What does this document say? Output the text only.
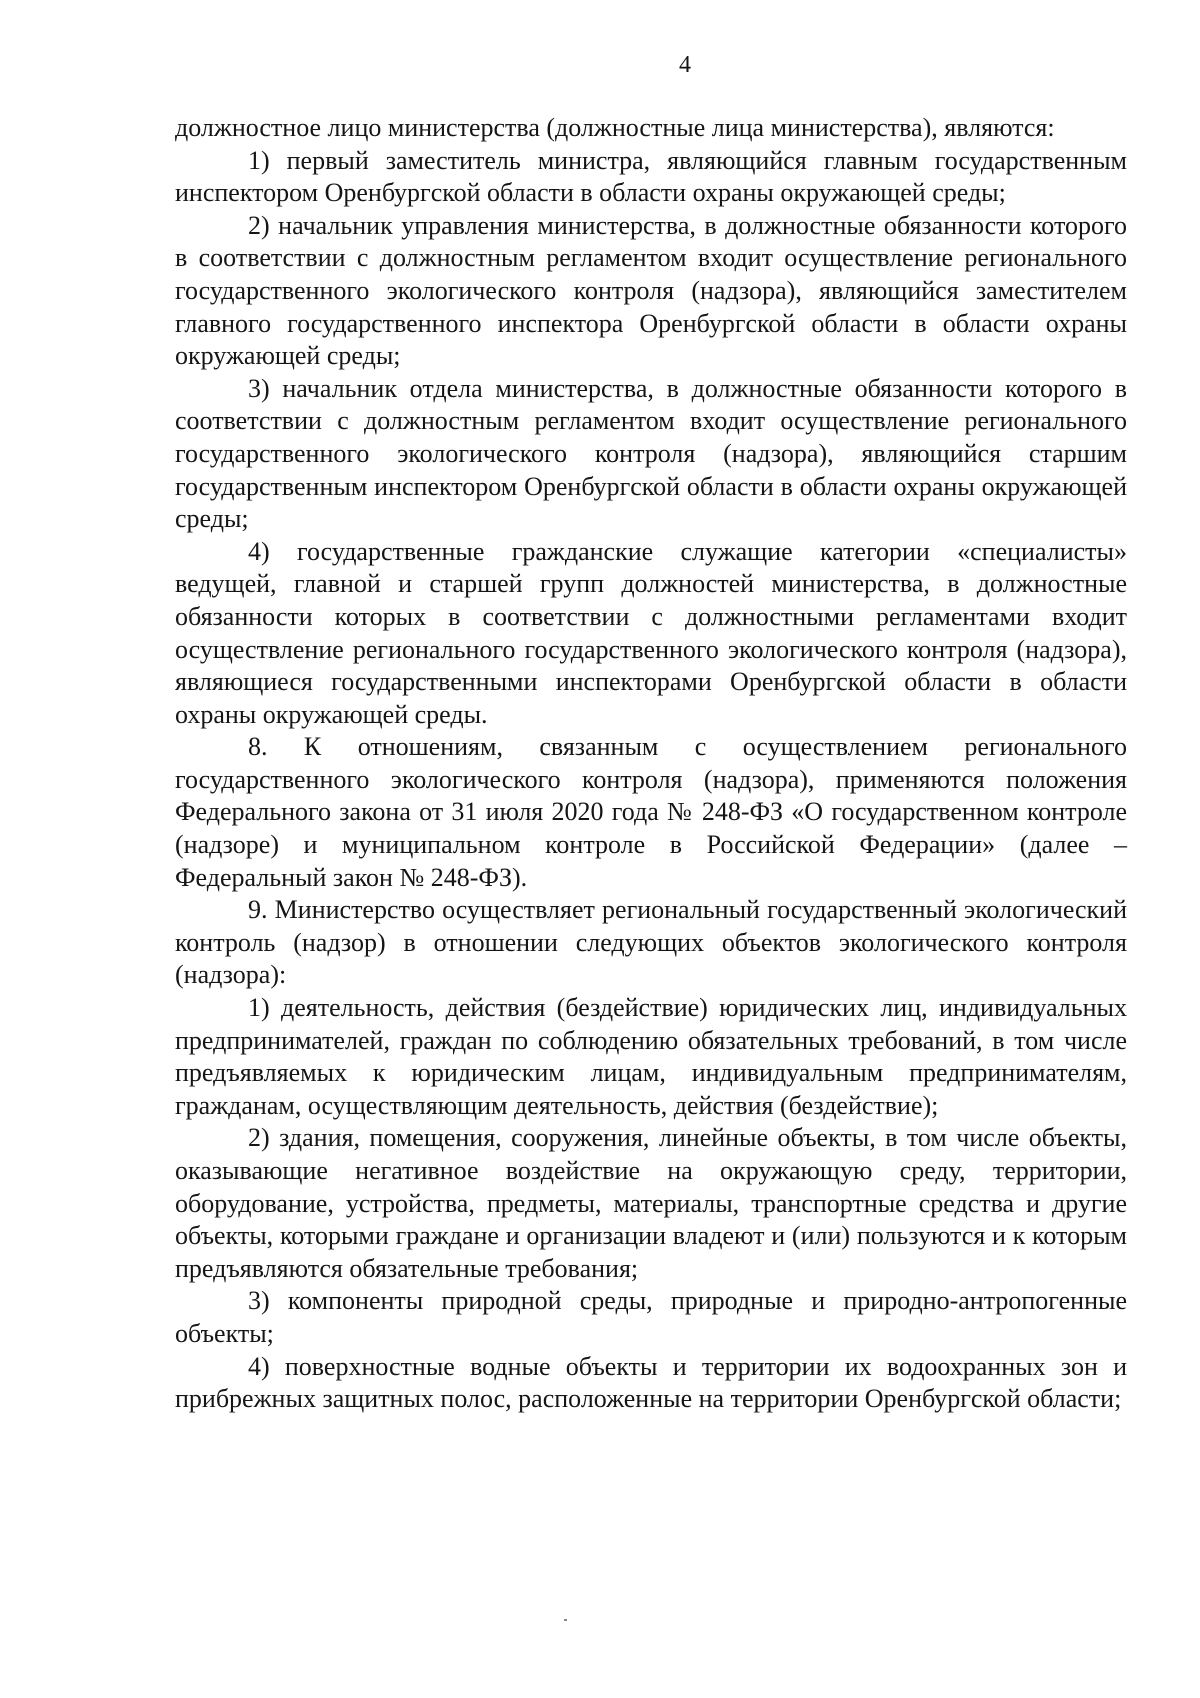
4

должностное лицо министерства (должностные лица министерства), являются:

1) первый заместитель министра, являющийся главным государственным инспектором Оренбургской области в области охраны окружающей среды;

2) начальник управления министерства, в должностные обязанности которого в соответствии с должностным регламентом входит осуществление регионального государственного экологического контроля (надзора), являющийся заместителем главного государственного инспектора Оренбургской области в области охраны окружающей среды;

3) начальник отдела министерства, в должностные обязанности которого в соответствии с должностным регламентом входит осуществление регионального государственного экологического контроля (надзора), являющийся старшим государственным инспектором Оренбургской области в области охраны окружающей среды;

4) государственные гражданские служащие категории «специалисты» ведущей, главной и старшей групп должностей министерства, в должностные обязанности которых в соответствии с должностными регламентами входит осуществление регионального государственного экологического контроля (надзора), являющиеся государственными инспекторами Оренбургской области в области охраны окружающей среды.

8. К отношениям, связанным с осуществлением регионального государственного экологического контроля (надзора), применяются положения Федерального закона от 31 июля 2020 года № 248-ФЗ «О государственном контроле (надзоре) и муниципальном контроле в Российской Федерации» (далее – Федеральный закон № 248-ФЗ).

9. Министерство осуществляет региональный государственный экологический контроль (надзор) в отношении следующих объектов экологического контроля (надзора):

1) деятельность, действия (бездействие) юридических лиц, индивидуальных предпринимателей, граждан по соблюдению обязательных требований, в том числе предъявляемых к юридическим лицам, индивидуальным предпринимателям, гражданам, осуществляющим деятельность, действия (бездействие);

2) здания, помещения, сооружения, линейные объекты, в том числе объекты, оказывающие негативное воздействие на окружающую среду, территории, оборудование, устройства, предметы, материалы, транспортные средства и другие объекты, которыми граждане и организации владеют и (или) пользуются и к которым предъявляются обязательные требования;

3) компоненты природной среды, природные и природно-антропогенные объекты;

4) поверхностные водные объекты и территории их водоохранных зон и прибрежных защитных полос, расположенные на территории Оренбургской области;
